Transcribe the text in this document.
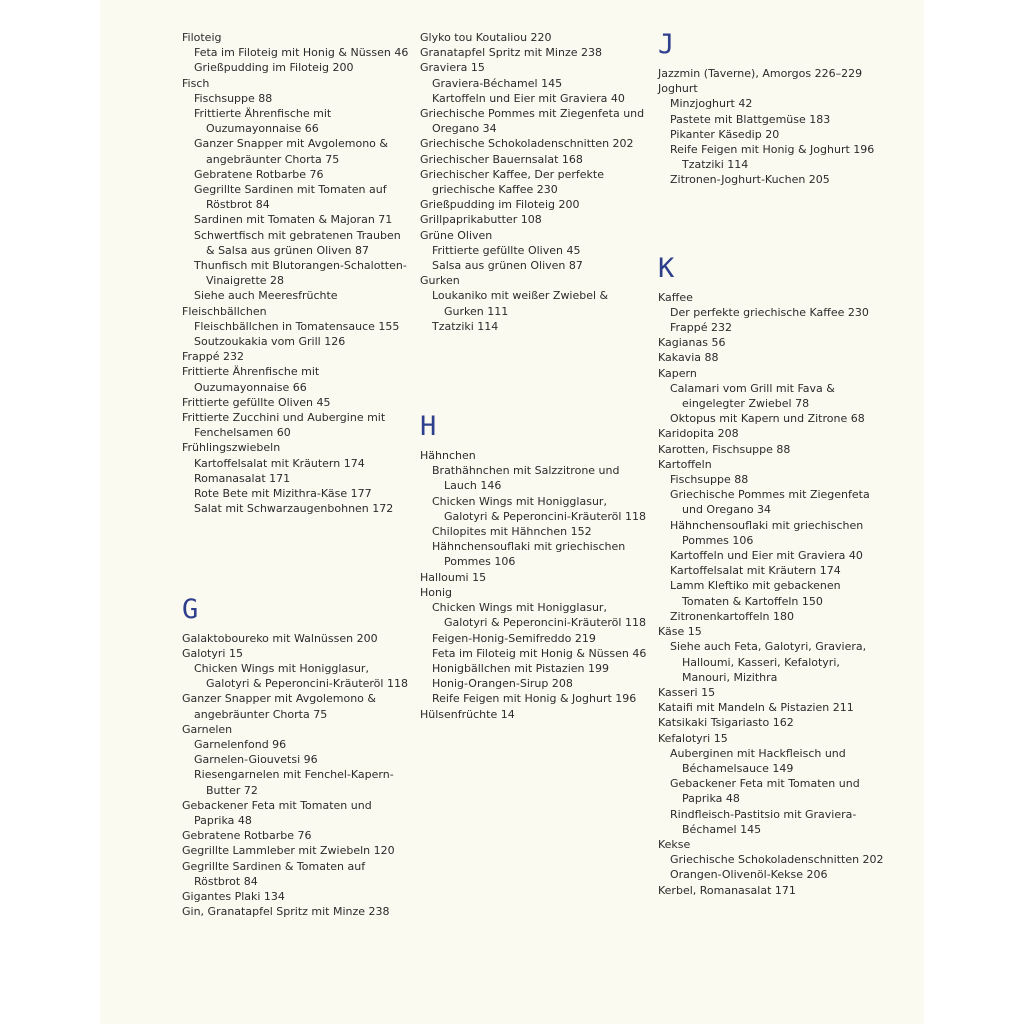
Filoteig
Feta im Filoteig mit Honig & Nüssen 46
Grießpudding im Filoteig 200
Fisch
Fischsuppe 88
Frittierte Ährenfische mit Ouzumayonnaise 66
Ganzer Snapper mit Avgolemono & angebräunter Chorta 75
Gebratene Rotbarbe 76
Gegrillte Sardinen mit Tomaten auf Röstbrot 84
Sardinen mit Tomaten & Majoran 71
Schwertfisch mit gebratenen Trauben & Salsa aus grünen Oliven 87
Thunfisch mit Blutorangen-Schalotten-Vinaigrette 28
Siehe auch Meeresfrüchte
Fleischbällchen
Fleischbällchen in Tomatensauce 155
Soutzoukakia vom Grill 126
Frappé 232
Frittierte Ährenfische mit Ouzumayonnaise 66
Frittierte gefüllte Oliven 45
Frittierte Zucchini und Aubergine mit Fenchelsamen 60
Frühlingszwiebeln
Kartoffelsalat mit Kräutern 174
Romanasalat 171
Rote Bete mit Mizithra-Käse 177
Salat mit Schwarzaugenbohnen 172
G
Galaktoboureko mit Walnüssen 200
Galotyri 15
Chicken Wings mit Honigglasur, Galotyri & Peperoncini-Kräuteröl 118
Ganzer Snapper mit Avgolemono & angebräunter Chorta 75
Garnelen
Garnelenfond 96
Garnelen-Giouvetsi 96
Riesengarnelen mit Fenchel-Kapern-Butter 72
Gebackener Feta mit Tomaten und Paprika 48
Gebratene Rotbarbe 76
Gegrillte Lammleber mit Zwiebeln 120
Gegrillte Sardinen & Tomaten auf Röstbrot 84
Gigantes Plaki 134
Gin, Granatapfel Spritz mit Minze 238
Glyko tou Koutaliou 220
Granatapfel Spritz mit Minze 238
Graviera 15
Graviera-Béchamel 145
Kartoffeln und Eier mit Graviera 40
Griechische Pommes mit Ziegenfeta und Oregano 34
Griechische Schokoladenschnitten 202
Griechischer Bauernsalat 168
Griechischer Kaffee, Der perfekte griechische Kaffee 230
Grießpudding im Filoteig 200
Grillpaprikabutter 108
Grüne Oliven
Frittierte gefüllte Oliven 45
Salsa aus grünen Oliven 87
Gurken
Loukaniko mit weißer Zwiebel & Gurken 111
Tzatziki 114
H
Hähnchen
Brathähnchen mit Salzzitrone und Lauch 146
Chicken Wings mit Honigglasur, Galotyri & Peperoncini-Kräuteröl 118
Chilopites mit Hähnchen 152
Hähnchensouflaki mit griechischen Pommes 106
Halloumi 15
Honig
Chicken Wings mit Honigglasur, Galotyri & Peperoncini-Kräuteröl 118
Feigen-Honig-Semifreddo 219
Feta im Filoteig mit Honig & Nüssen 46
Honigbällchen mit Pistazien 199
Honig-Orangen-Sirup 208
Reife Feigen mit Honig & Joghurt 196
Hülsenfrüchte 14
J
Jazzmin (Taverne), Amorgos 226–229
Joghurt
Minzjoghurt 42
Pastete mit Blattgemüse 183
Pikanter Käsedip 20
Reife Feigen mit Honig & Joghurt 196
Tzatziki 114
Zitronen-Joghurt-Kuchen 205
K
Kaffee
Der perfekte griechische Kaffee 230
Frappé 232
Kagianas 56
Kakavia 88
Kapern
Calamari vom Grill mit Fava & eingelegter Zwiebel 78
Oktopus mit Kapern und Zitrone 68
Karidopita 208
Karotten, Fischsuppe 88
Kartoffeln
Fischsuppe 88
Griechische Pommes mit Ziegenfeta und Oregano 34
Hähnchensouflaki mit griechischen Pommes 106
Kartoffeln und Eier mit Graviera 40
Kartoffelsalat mit Kräutern 174
Lamm Kleftiko mit gebackenen Tomaten & Kartoffeln 150
Zitronenkartoffeln 180
Käse 15
Siehe auch Feta, Galotyri, Graviera, Halloumi, Kasseri, Kefalotyri, Manouri, Mizithra
Kasseri 15
Kataifi mit Mandeln & Pistazien 211
Katsikaki Tsigariasto 162
Kefalotyri 15
Auberginen mit Hackfleisch und Béchamelsauce 149
Gebackener Feta mit Tomaten und Paprika 48
Rindfleisch-Pastitsio mit Graviera-Béchamel 145
Kekse
Griechische Schokoladenschnitten 202
Orangen-Olivenöl-Kekse 206
Kerbel, Romanasalat 171
